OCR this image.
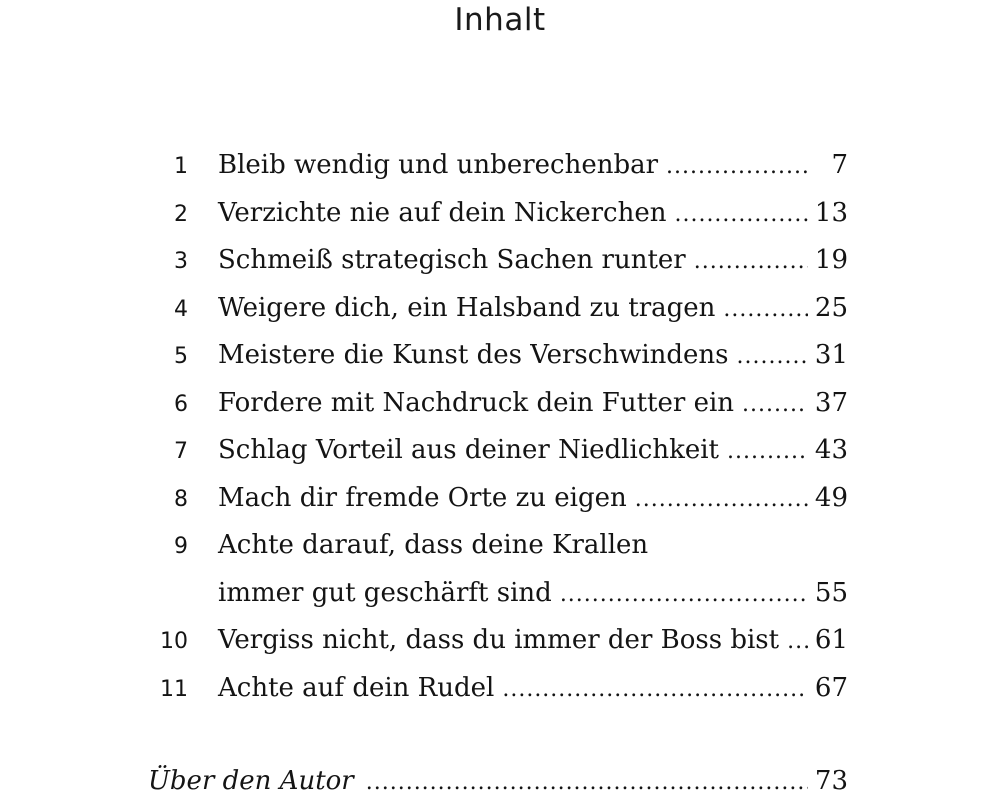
Inhalt
1 Bleib wendig und unberechenbar .....	7
2 Verzichte nie auf dein Nickerchen .....	13
3 Schmeiß strategisch Sachen runter .....	19
4 Weigere dich, ein Halsband zu tragen .....	25
5 Meistere die Kunst des Verschwindens .....	31
6 Fordere mit Nachdruck dein Futter ein .....	37
7 Schlag Vorteil aus deiner Niedlichkeit .....	43
8 Mach dir fremde Orte zu eigen .....	49
9 Achte darauf, dass deine Krallen
immer gut geschärft sind .....	55
10 Vergiss nicht, dass du immer der Boss bist ..... 61
11 Achte auf dein Rudel .....	67
Über den Autor .....	73
